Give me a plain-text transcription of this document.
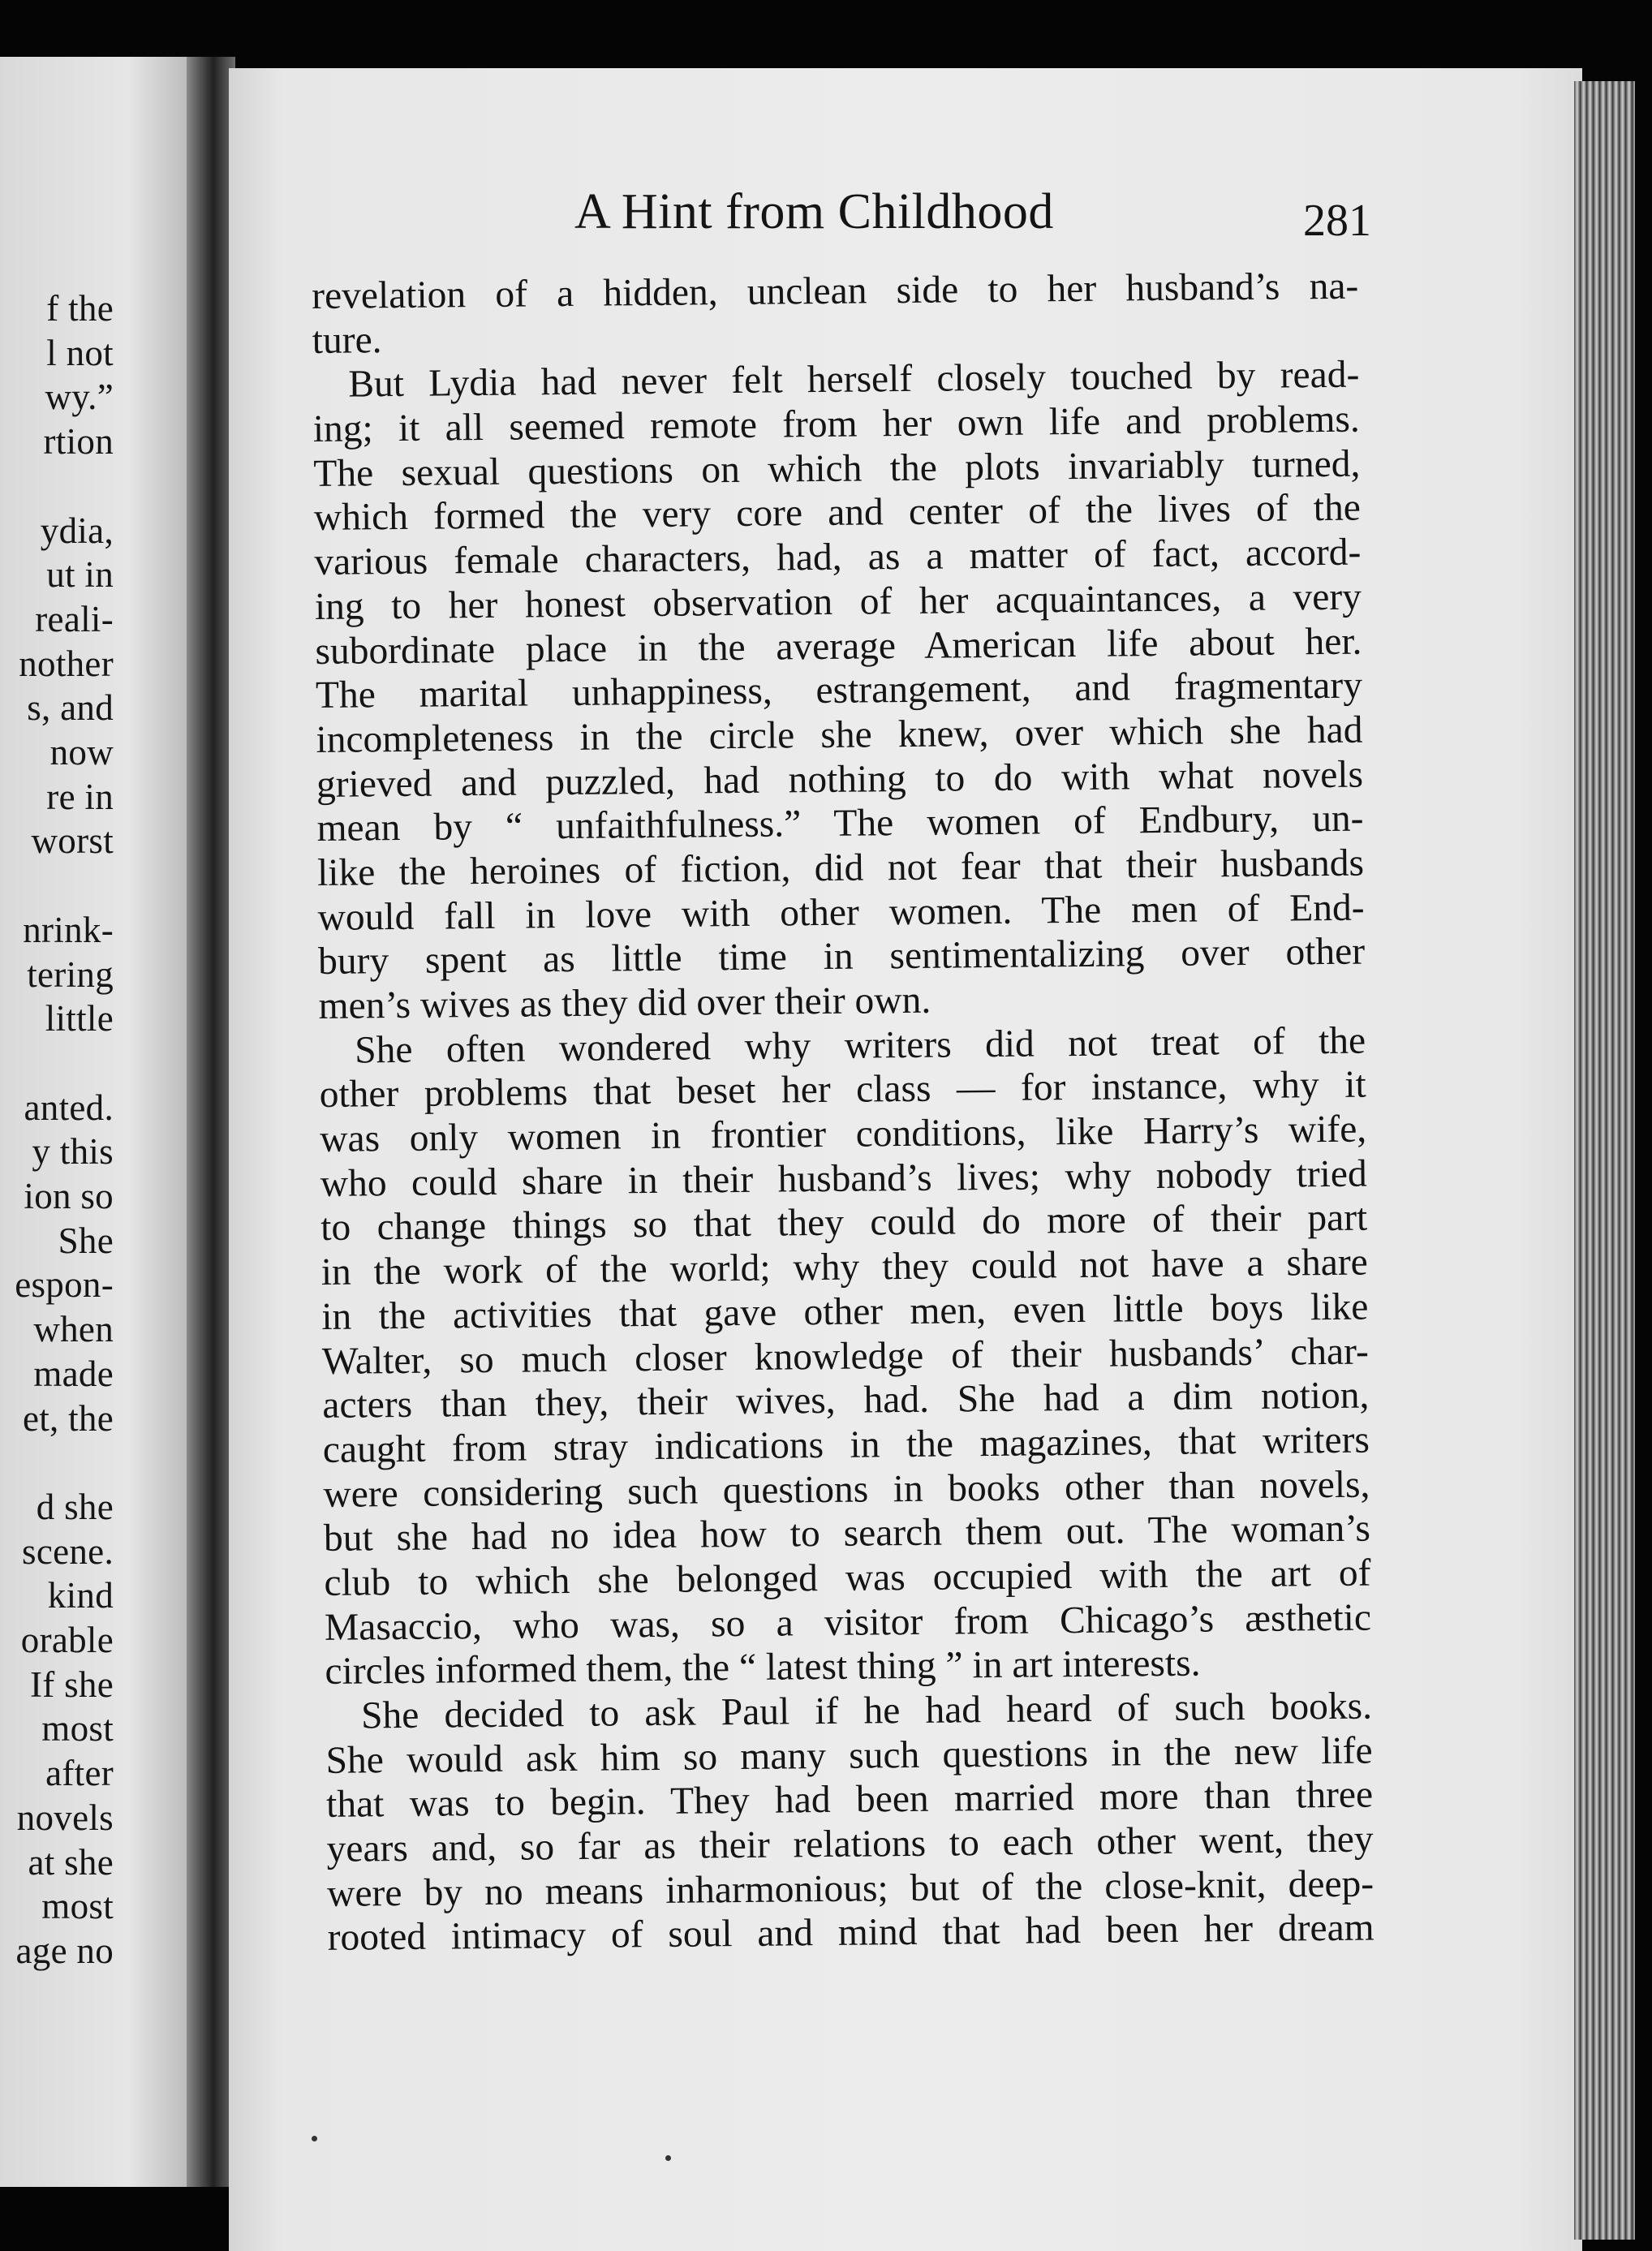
f the
l not
wy.”
rtion
ydia,
ut in
reali-
nother
s, and
now
re in
worst
nrink-
tering
little
anted.
y this
ion so
She
espon-
when
made
et, the
d she
scene.
kind
orable
If she
most
after
novels
at she
most
age no
A Hint from Childhood	281
revelation of a hidden, unclean side to her husband’s na-
ture.
But Lydia had never felt herself closely touched by read-
ing; it all seemed remote from her own life and problems.
The sexual questions on which the plots invariably turned,
which formed the very core and center of the lives of the
various female characters, had, as a matter of fact, accord-
ing to her honest observation of her acquaintances, a very
subordinate place in the average American life about her.
The marital unhappiness, estrangement, and fragmentary
incompleteness in the circle she knew, over which she had
grieved and puzzled, had nothing to do with what novels
mean by “ unfaithfulness.” The women of Endbury, un-
like the heroines of fiction, did not fear that their husbands
would fall in love with other women. The men of End-
bury spent as little time in sentimentalizing over other
men’s wives as they did over their own.
She often wondered why writers did not treat of the
other problems that beset her class — for instance, why it
was only women in frontier conditions, like Harry’s wife,
who could share in their husband’s lives; why nobody tried
to change things so that they could do more of their part
in the work of the world; why they could not have a share
in the activities that gave other men, even little boys like
Walter, so much closer knowledge of their husbands’ char-
acters than they, their wives, had. She had a dim notion,
caught from stray indications in the magazines, that writers
were considering such questions in books other than novels,
but she had no idea how to search them out. The woman’s
club to which she belonged was occupied with the art of
Masaccio, who was, so a visitor from Chicago’s æsthetic
circles informed them, the “ latest thing ” in art interests.
She decided to ask Paul if he had heard of such books.
She would ask him so many such questions in the new life
that was to begin. They had been married more than three
years and, so far as their relations to each other went, they
were by no means inharmonious; but of the close-knit, deep-
rooted intimacy of soul and mind that had been her dream
